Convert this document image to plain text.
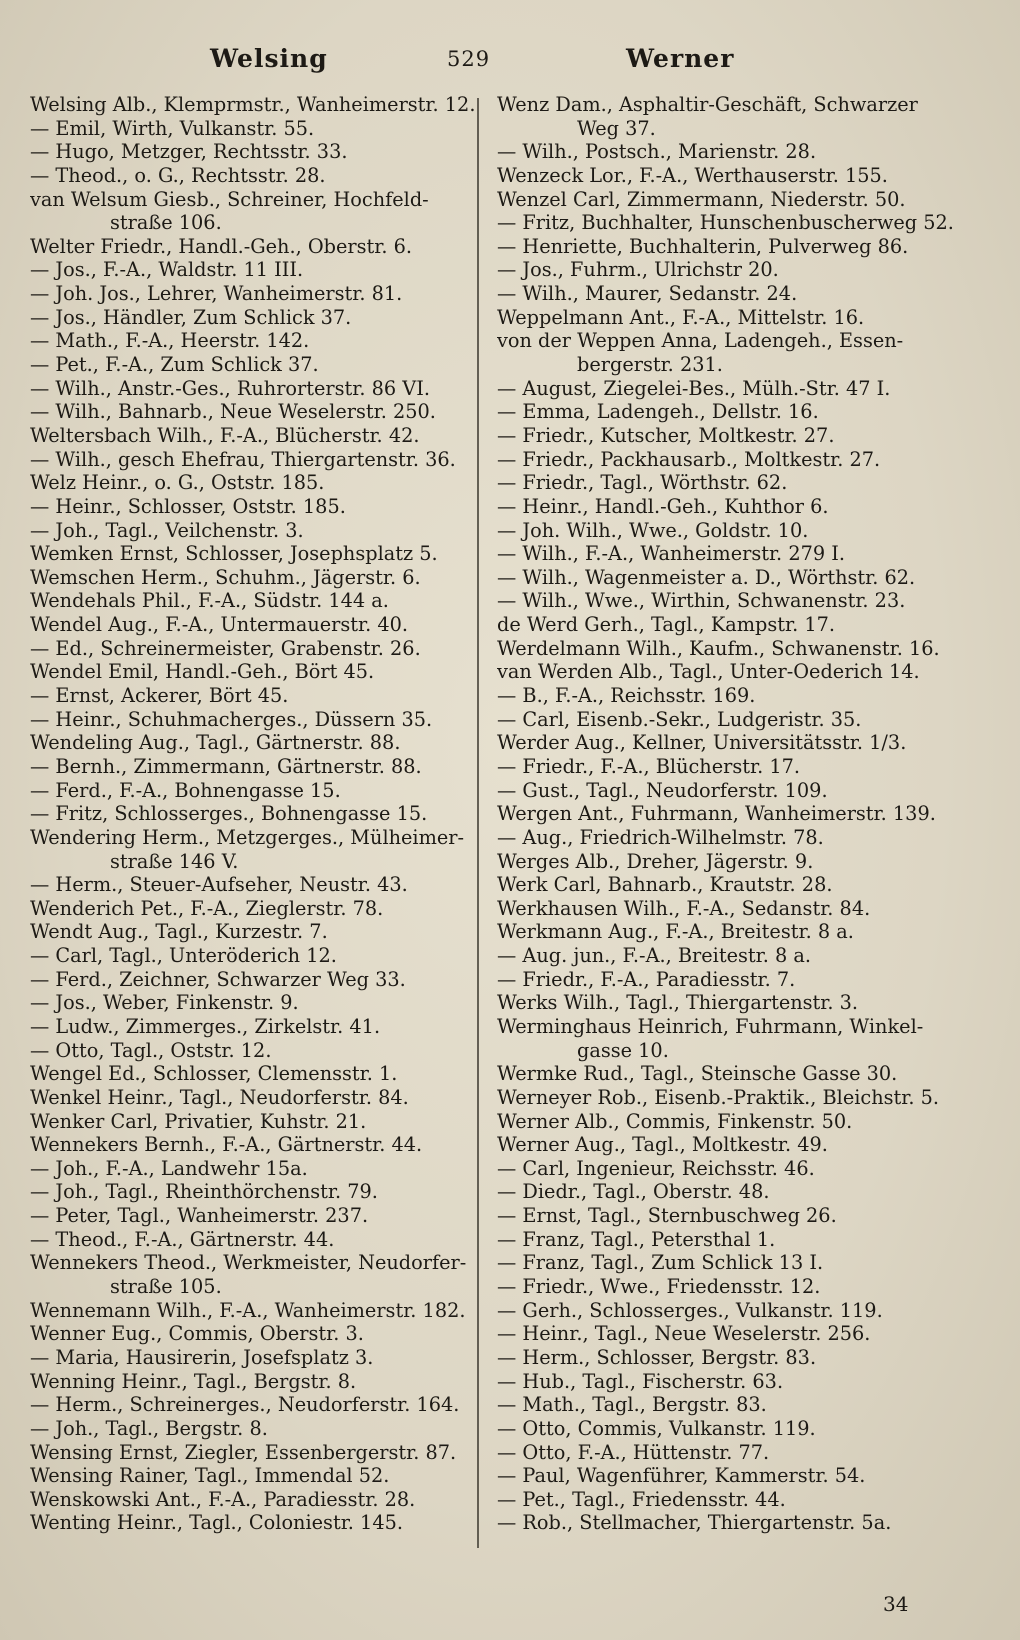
Welsing	529	Werner
Welsing Alb., Klemprmstr., Wanheimerstr. 12.
— Emil, Wirth, Vulkanstr. 55.
— Hugo, Metzger, Rechtsstr. 33.
— Theod., o. G., Rechtsstr. 28.
van Welsum Giesb., Schreiner, Hochfeld-
straße 106.
Welter Friedr., Handl.-Geh., Oberstr. 6.
— Jos., F.-A., Waldstr. 11 III.
— Joh. Jos., Lehrer, Wanheimerstr. 81.
— Jos., Händler, Zum Schlick 37.
— Math., F.-A., Heerstr. 142.
— Pet., F.-A., Zum Schlick 37.
— Wilh., Anstr.-Ges., Ruhrorterstr. 86 VI.
— Wilh., Bahnarb., Neue Weselerstr. 250.
Weltersbach Wilh., F.-A., Blücherstr. 42.
— Wilh., gesch Ehefrau, Thiergartenstr. 36.
Welz Heinr., o. G., Oststr. 185.
— Heinr., Schlosser, Oststr. 185.
— Joh., Tagl., Veilchenstr. 3.
Wemken Ernst, Schlosser, Josephsplatz 5.
Wemschen Herm., Schuhm., Jägerstr. 6.
Wendehals Phil., F.-A., Südstr. 144 a.
Wendel Aug., F.-A., Untermauerstr. 40.
— Ed., Schreinermeister, Grabenstr. 26.
Wendel Emil, Handl.-Geh., Bört 45.
— Ernst, Ackerer, Bört 45.
— Heinr., Schuhmacherges., Düssern 35.
Wendeling Aug., Tagl., Gärtnerstr. 88.
— Bernh., Zimmermann, Gärtnerstr. 88.
— Ferd., F.-A., Bohnengasse 15.
— Fritz, Schlosserges., Bohnengasse 15.
Wendering Herm., Metzgerges., Mülheimer-
straße 146 V.
— Herm., Steuer-Aufseher, Neustr. 43.
Wenderich Pet., F.-A., Zieglerstr. 78.
Wendt Aug., Tagl., Kurzestr. 7.
— Carl, Tagl., Unteröderich 12.
— Ferd., Zeichner, Schwarzer Weg 33.
— Jos., Weber, Finkenstr. 9.
— Ludw., Zimmerges., Zirkelstr. 41.
— Otto, Tagl., Oststr. 12.
Wengel Ed., Schlosser, Clemensstr. 1.
Wenkel Heinr., Tagl., Neudorferstr. 84.
Wenker Carl, Privatier, Kuhstr. 21.
Wennekers Bernh., F.-A., Gärtnerstr. 44.
— Joh., F.-A., Landwehr 15a.
— Joh., Tagl., Rheinthörchenstr. 79.
— Peter, Tagl., Wanheimerstr. 237.
— Theod., F.-A., Gärtnerstr. 44.
Wennekers Theod., Werkmeister, Neudorfer-
straße 105.
Wennemann Wilh., F.-A., Wanheimerstr. 182.
Wenner Eug., Commis, Oberstr. 3.
— Maria, Hausirerin, Josefsplatz 3.
Wenning Heinr., Tagl., Bergstr. 8.
— Herm., Schreinerges., Neudorferstr. 164.
— Joh., Tagl., Bergstr. 8.
Wensing Ernst, Ziegler, Essenbergerstr. 87.
Wensing Rainer, Tagl., Immendal 52.
Wenskowski Ant., F.-A., Paradiesstr. 28.
Wenting Heinr., Tagl., Coloniestr. 145.
Wenz Dam., Asphaltir-Geschäft, Schwarzer
Weg 37.
— Wilh., Postsch., Marienstr. 28.
Wenzeck Lor., F.-A., Werthauserstr. 155.
Wenzel Carl, Zimmermann, Niederstr. 50.
— Fritz, Buchhalter, Hunschenbuscherweg 52.
— Henriette, Buchhalterin, Pulverweg 86.
— Jos., Fuhrm., Ulrichstr 20.
— Wilh., Maurer, Sedanstr. 24.
Weppelmann Ant., F.-A., Mittelstr. 16.
von der Weppen Anna, Ladengeh., Essen-
bergerstr. 231.
— August, Ziegelei-Bes., Mülh.-Str. 47 I.
— Emma, Ladengeh., Dellstr. 16.
— Friedr., Kutscher, Moltkestr. 27.
— Friedr., Packhausarb., Moltkestr. 27.
— Friedr., Tagl., Wörthstr. 62.
— Heinr., Handl.-Geh., Kuhthor 6.
— Joh. Wilh., Wwe., Goldstr. 10.
— Wilh., F.-A., Wanheimerstr. 279 I.
— Wilh., Wagenmeister a. D., Wörthstr. 62.
— Wilh., Wwe., Wirthin, Schwanenstr. 23.
de Werd Gerh., Tagl., Kampstr. 17.
Werdelmann Wilh., Kaufm., Schwanenstr. 16.
van Werden Alb., Tagl., Unter-Oederich 14.
— B., F.-A., Reichsstr. 169.
— Carl, Eisenb.-Sekr., Ludgeristr. 35.
Werder Aug., Kellner, Universitätsstr. 1/3.
— Friedr., F.-A., Blücherstr. 17.
— Gust., Tagl., Neudorferstr. 109.
Wergen Ant., Fuhrmann, Wanheimerstr. 139.
— Aug., Friedrich-Wilhelmstr. 78.
Werges Alb., Dreher, Jägerstr. 9.
Werk Carl, Bahnarb., Krautstr. 28.
Werkhausen Wilh., F.-A., Sedanstr. 84.
Werkmann Aug., F.-A., Breitestr. 8 a.
— Aug. jun., F.-A., Breitestr. 8 a.
— Friedr., F.-A., Paradiesstr. 7.
Werks Wilh., Tagl., Thiergartenstr. 3.
Werminghaus Heinrich, Fuhrmann, Winkel-
gasse 10.
Wermke Rud., Tagl., Steinsche Gasse 30.
Werneyer Rob., Eisenb.-Praktik., Bleichstr. 5.
Werner Alb., Commis, Finkenstr. 50.
Werner Aug., Tagl., Moltkestr. 49.
— Carl, Ingenieur, Reichsstr. 46.
— Diedr., Tagl., Oberstr. 48.
— Ernst, Tagl., Sternbuschweg 26.
— Franz, Tagl., Petersthal 1.
— Franz, Tagl., Zum Schlick 13 I.
— Friedr., Wwe., Friedensstr. 12.
— Gerh., Schlosserges., Vulkanstr. 119.
— Heinr., Tagl., Neue Weselerstr. 256.
— Herm., Schlosser, Bergstr. 83.
— Hub., Tagl., Fischerstr. 63.
— Math., Tagl., Bergstr. 83.
— Otto, Commis, Vulkanstr. 119.
— Otto, F.-A., Hüttenstr. 77.
— Paul, Wagenführer, Kammerstr. 54.
— Pet., Tagl., Friedensstr. 44.
— Rob., Stellmacher, Thiergartenstr. 5a.
34
